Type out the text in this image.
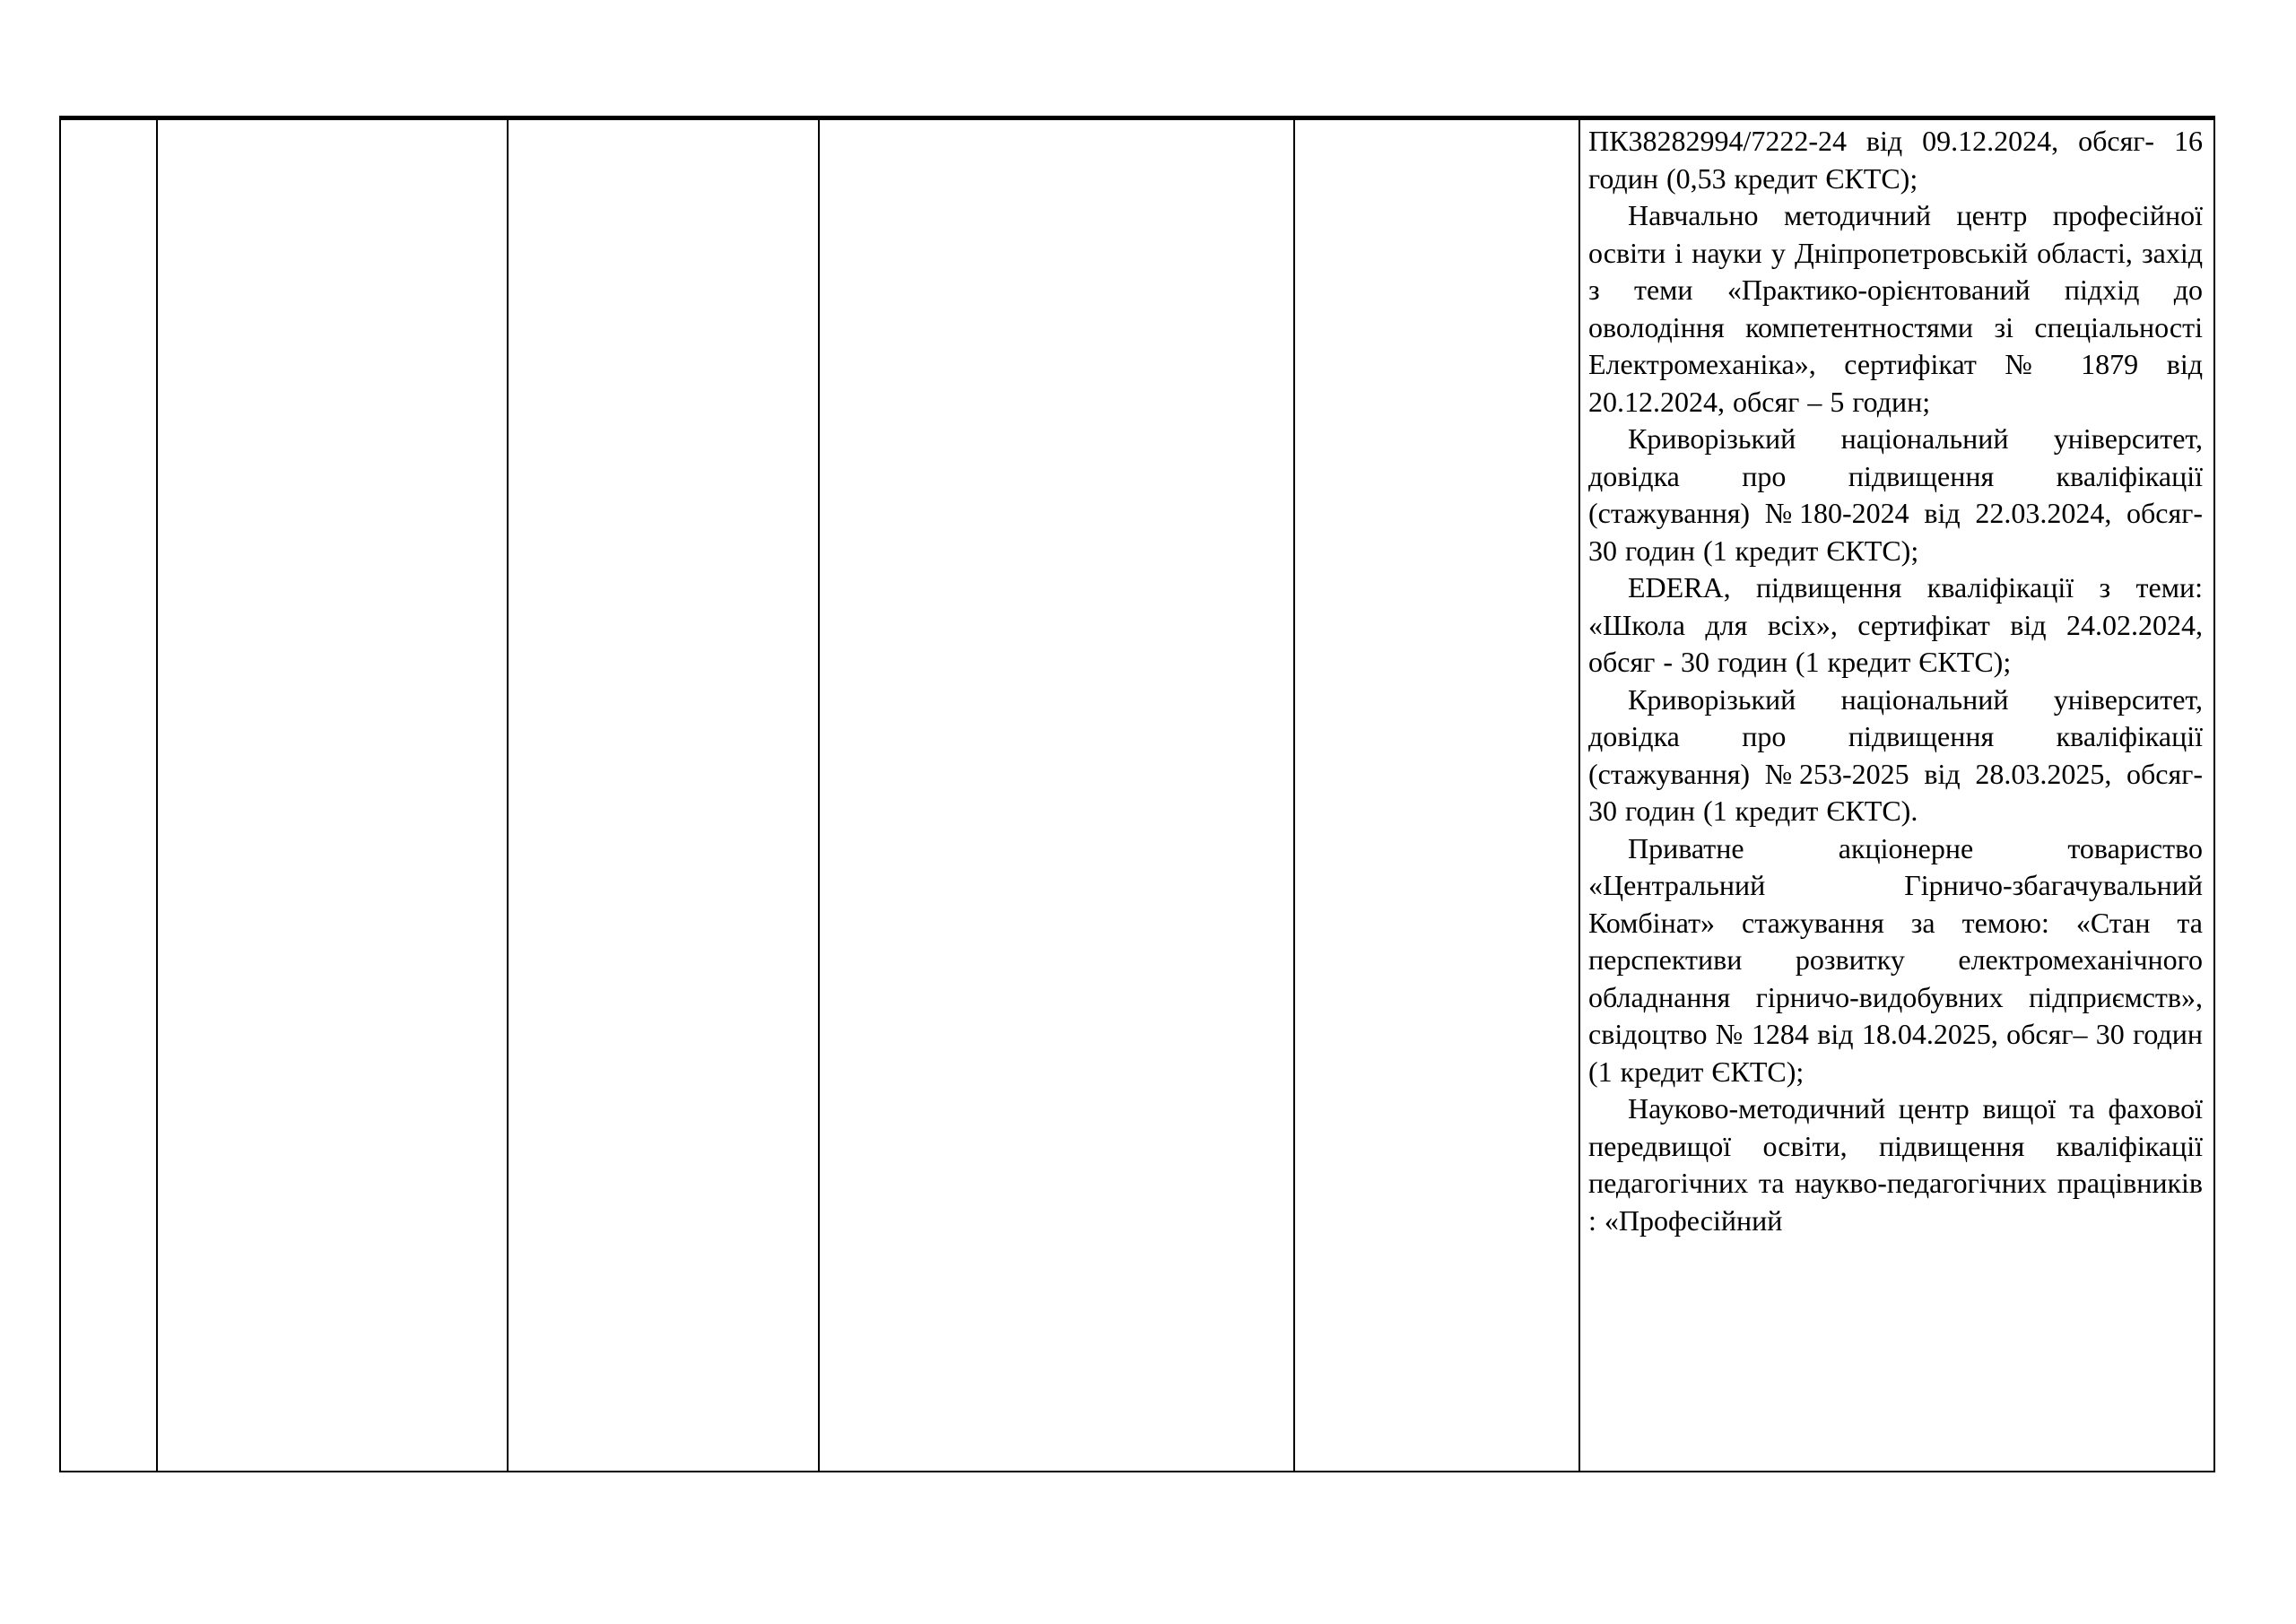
ПК38282994/7222-24 від 09.12.2024, обсяг- 16 годин (0,53 кредит ЄКТС);

Навчально методичний центр професійної освіти і науки у Дніпропетровській області, захід з теми «Практико-орієнтований підхід до оволодіння компетентностями зі спеціальності Електромеханіка», сертифікат № 1879 від 20.12.2024, обсяг – 5 годин;

Криворізький національний університет, довідка про підвищення кваліфікації (стажування) №180-2024 від 22.03.2024, обсяг- 30 годин (1 кредит ЄКТС);

EDERA, підвищення кваліфікації з теми: «Школа для всіх», сертифікат від 24.02.2024, обсяг - 30 годин (1 кредит ЄКТС);

Криворізький національний університет, довідка про підвищення кваліфікації (стажування) №253-2025 від 28.03.2025, обсяг- 30 годин (1 кредит ЄКТС).

Приватне акціонерне товариство «Центральний Гірничо-збагачувальний Комбінат» стажування за темою: «Стан та перспективи розвитку електромеханічного обладнання гірничо-видобувних підприємств», свідоцтво № 1284 від 18.04.2025, обсяг– 30 годин (1 кредит ЄКТС);

Науково-методичний центр вищої та фахової передвищої освіти, підвищення кваліфікації педагогічних та наукво-педагогічних працівників : «Професійний
